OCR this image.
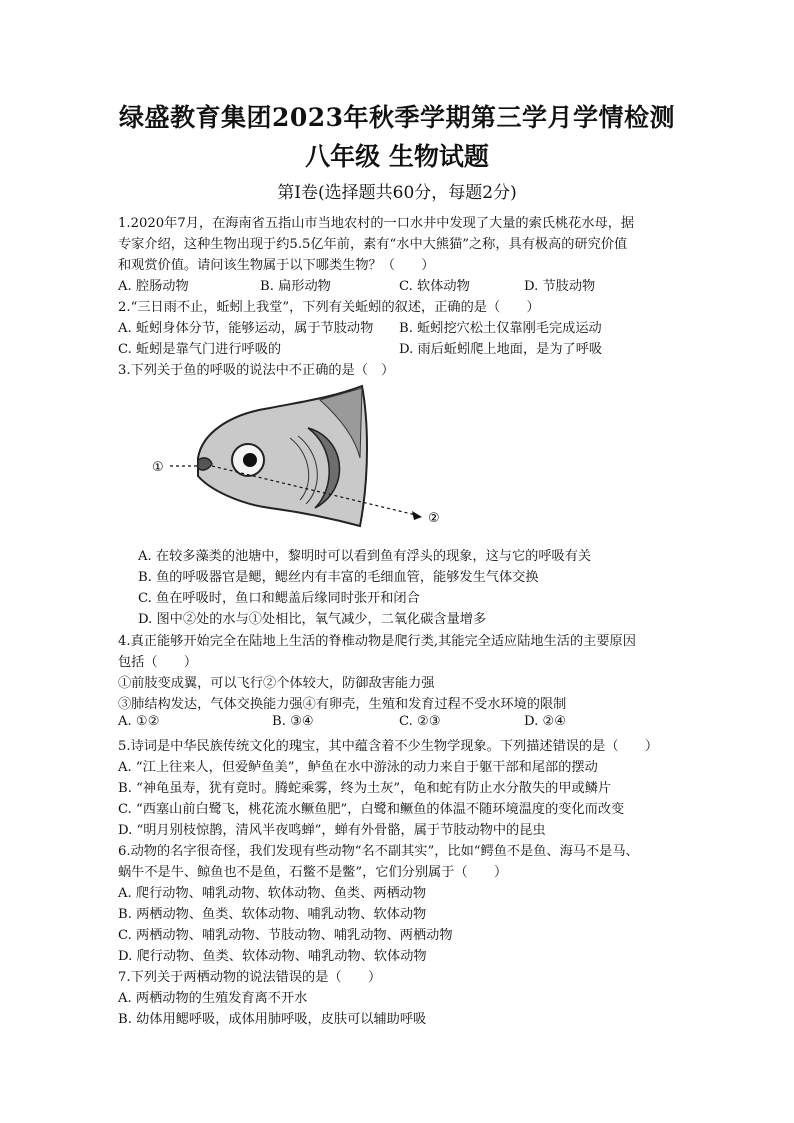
绿盛教育集团2023年秋季学期第三学月学情检测
八年级 生物试题
第Ⅰ卷(选择题共60分，每题2分)
1.2020年7月，在海南省五指山市当地农村的一口水井中发现了大量的索氏桃花水母，据
专家介绍，这种生物出现于约5.5亿年前，素有“水中大熊猫”之称，具有极高的研究价值
和观赏价值。请问该生物属于以下哪类生物？（　　）
A. 腔肠动物	B. 扁形动物	C. 软体动物	D. 节肢动物
2.“三日雨不止，蚯蚓上我堂”，下列有关蚯蚓的叙述，正确的是（　　）
A. 蚯蚓身体分节，能够运动，属于节肢动物 B. 蚯蚓挖穴松土仅靠刚毛完成运动
C. 蚯蚓是靠气门进行呼吸的	D. 雨后蚯蚓爬上地面，是为了呼吸
3.下列关于鱼的呼吸的说法中不正确的是（　）
①
②
A. 在较多藻类的池塘中，黎明时可以看到鱼有浮头的现象，这与它的呼吸有关
B. 鱼的呼吸器官是鳃，鳃丝内有丰富的毛细血管，能够发生气体交换
C. 鱼在呼吸时，鱼口和鳃盖后缘同时张开和闭合
D. 图中②处的水与①处相比，氧气减少，二氧化碳含量增多
4.真正能够开始完全在陆地上生活的脊椎动物是爬行类,其能完全适应陆地生活的主要原因
包括（　　）
①前肢变成翼，可以飞行②个体较大，防御敌害能力强
③肺结构发达，气体交换能力强④有卵壳，生殖和发育过程不受水环境的限制
A. ①②	B. ③④	C. ②③	D. ②④
5.诗词是中华民族传统文化的瑰宝，其中蕴含着不少生物学现象。下列描述错误的是（　　）
A. “江上往来人，但爱鲈鱼美”，鲈鱼在水中游泳的动力来自于躯干部和尾部的摆动
B. “神龟虽寿，犹有竟时。腾蛇乘雾，终为土灰”，龟和蛇有防止水分散失的甲或鳞片
C. “西塞山前白鹭飞，桃花流水鳜鱼肥”，白鹭和鳜鱼的体温不随环境温度的变化而改变
D. “明月别枝惊鹊，清风半夜鸣蝉”，蝉有外骨骼，属于节肢动物中的昆虫
6.动物的名字很奇怪，我们发现有些动物“名不副其实”，比如“鳄鱼不是鱼、海马不是马、
蜗牛不是牛、鲸鱼也不是鱼，石鳖不是鳖”，它们分别属于（　　）
A. 爬行动物、哺乳动物、软体动物、鱼类、两栖动物
B. 两栖动物、鱼类、软体动物、哺乳动物、软体动物
C. 两栖动物、哺乳动物、节肢动物、哺乳动物、两栖动物
D. 爬行动物、鱼类、软体动物、哺乳动物、软体动物
7.下列关于两栖动物的说法错误的是（　　）
A. 两栖动物的生殖发育离不开水
B. 幼体用鳃呼吸，成体用肺呼吸，皮肤可以辅助呼吸
